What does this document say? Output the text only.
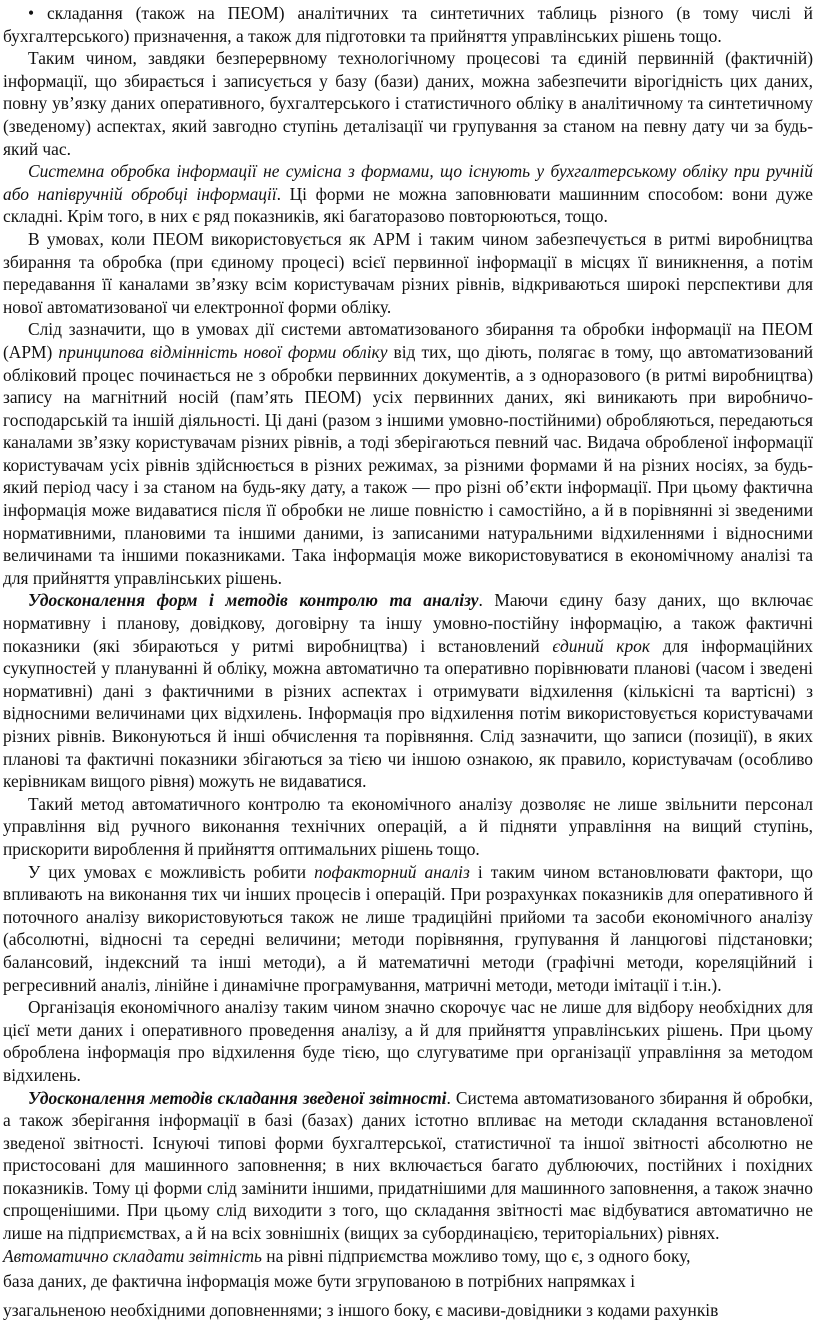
• складання (також на ПЕОМ) аналітичних та синтетичних таблиць різного (в тому числі й бухгалтерського) призначення, а також для підготовки та прийняття управлінських рішень тощо.

Таким чином, завдяки безперервному технологічному процесові та єдиній первинній (фактичній) інформації, що збирається і записується у базу (бази) даних, можна забезпечити вірогідність цих даних, повну ув’язку даних оперативного, бухгалтерського і статистичного обліку в аналітичному та синтетичному (зведеному) аспектах, який завгодно ступінь деталізації чи групування за станом на певну дату чи за будь-який час.

Системна обробка інформації не сумісна з формами, що існують у бухгалтерському обліку при ручній або напівручній обробці інформації. Ці форми не можна заповнювати машинним способом: вони дуже складні. Крім того, в них є ряд показників, які багаторазово повторюються, тощо.

В умовах, коли ПЕОМ використовується як АРМ і таким чином забезпечується в ритмі виробництва збирання та обробка (при єдиному процесі) всієї первинної інформації в місцях її виникнення, а потім передавання її каналами зв’язку всім користувачам різних рівнів, відкриваються широкі перспективи для нової автоматизованої чи електронної форми обліку.

Слід зазначити, що в умовах дії системи автоматизованого збирання та обробки інформації на ПЕОМ (АРМ) принципова відмінність нової форми обліку від тих, що діють, полягає в тому, що автоматизований обліковий процес починається не з обробки первинних документів, а з одноразового (в ритмі виробництва) запису на магнітний носій (пам’ять ПЕОМ) усіх первинних даних, які виникають при виробничо-господарській та іншій діяльності. Ці дані (разом з іншими умовно-постійними) обробляються, передаються каналами зв’язку користувачам різних рівнів, а тоді зберігаються певний час. Видача обробленої інформації користувачам усіх рівнів здійснюється в різних режимах, за різними формами й на різних носіях, за будь-який період часу і за станом на будь-яку дату, а також — про різні об’єкти інформації. При цьому фактична інформація може видаватися після її обробки не лише повністю і самостійно, а й в порівнянні зі зведеними нормативними, плановими та іншими даними, із записаними натуральними відхиленнями і відносними величинами та іншими показниками. Така інформація може використовуватися в економічному аналізі та для прийняття управлінських рішень.

Удосконалення форм і методів контролю та аналізу. Маючи єдину базу даних, що включає нормативну і планову, довідкову, договірну та іншу умовно-постійну інформацію, а також фактичні показники (які збираються у ритмі виробництва) і встановлений єдиний крок для інформаційних сукупностей у плануванні й обліку, можна автоматично та оперативно порівнювати планові (часом і зведені нормативні) дані з фактичними в різних аспектах і отримувати відхилення (кількісні та вартісні) з відносними величинами цих відхилень. Інформація про відхилення потім використовується користувачами різних рівнів. Виконуються й інші обчислення та порівняння. Слід зазначити, що записи (позиції), в яких планові та фактичні показники збігаються за тією чи іншою ознакою, як правило, користувачам (особливо керівникам вищого рівня) можуть не видаватися.

Такий метод автоматичного контролю та економічного аналізу дозволяє не лише звільнити персонал управління від ручного виконання технічних операцій, а й підняти управління на вищий ступінь, прискорити вироблення й прийняття оптимальних рішень тощо.

У цих умовах є можливість робити пофакторний аналіз і таким чином встановлювати фактори, що впливають на виконання тих чи інших процесів і операцій. При розрахунках показників для оперативного й поточного аналізу використовуються також не лише традиційні прийоми та засоби економічного аналізу (абсолютні, відносні та середні величини; методи порівняння, групування й ланцюгові підстановки; балансовий, індексний та інші методи), а й математичні методи (графічні методи, кореляційний і регресивний аналіз, лінійне і динамічне програмування, матричні методи, методи імітації і т.ін.).

Організація економічного аналізу таким чином значно скорочує час не лише для відбору необхідних для цієї мети даних і оперативного проведення аналізу, а й для прийняття управлінських рішень. При цьому оброблена інформація про відхилення буде тією, що слугуватиме при організації управління за методом відхилень.

Удосконалення методів складання зведеної звітності. Система автоматизованого збирання й обробки, а також зберігання інформації в базі (базах) даних істотно впливає на методи складання встановленої зведеної звітності. Існуючі типові форми бухгалтерської, статистичної та іншої звітності абсолютно не пристосовані для машинного заповнення; в них включається багато дублюючих, постійних і похідних показників. Тому ці форми слід замінити іншими, придатнішими для машинного заповнення, а також значно спрощенішими. При цьому слід виходити з того, що складання звітності має відбуватися автоматично не лише на підприємствах, а й на всіх зовнішніх (вищих за субординацією, територіальних) рівнях.

Автоматично складати звітність на рівні підприємства можливо тому, що є, з одного боку,

база даних, де фактична інформація може бути згрупованою в потрібних напрямках і

узагальненою необхідними доповненнями; з іншого боку, є масиви-довідники з кодами рахунків
